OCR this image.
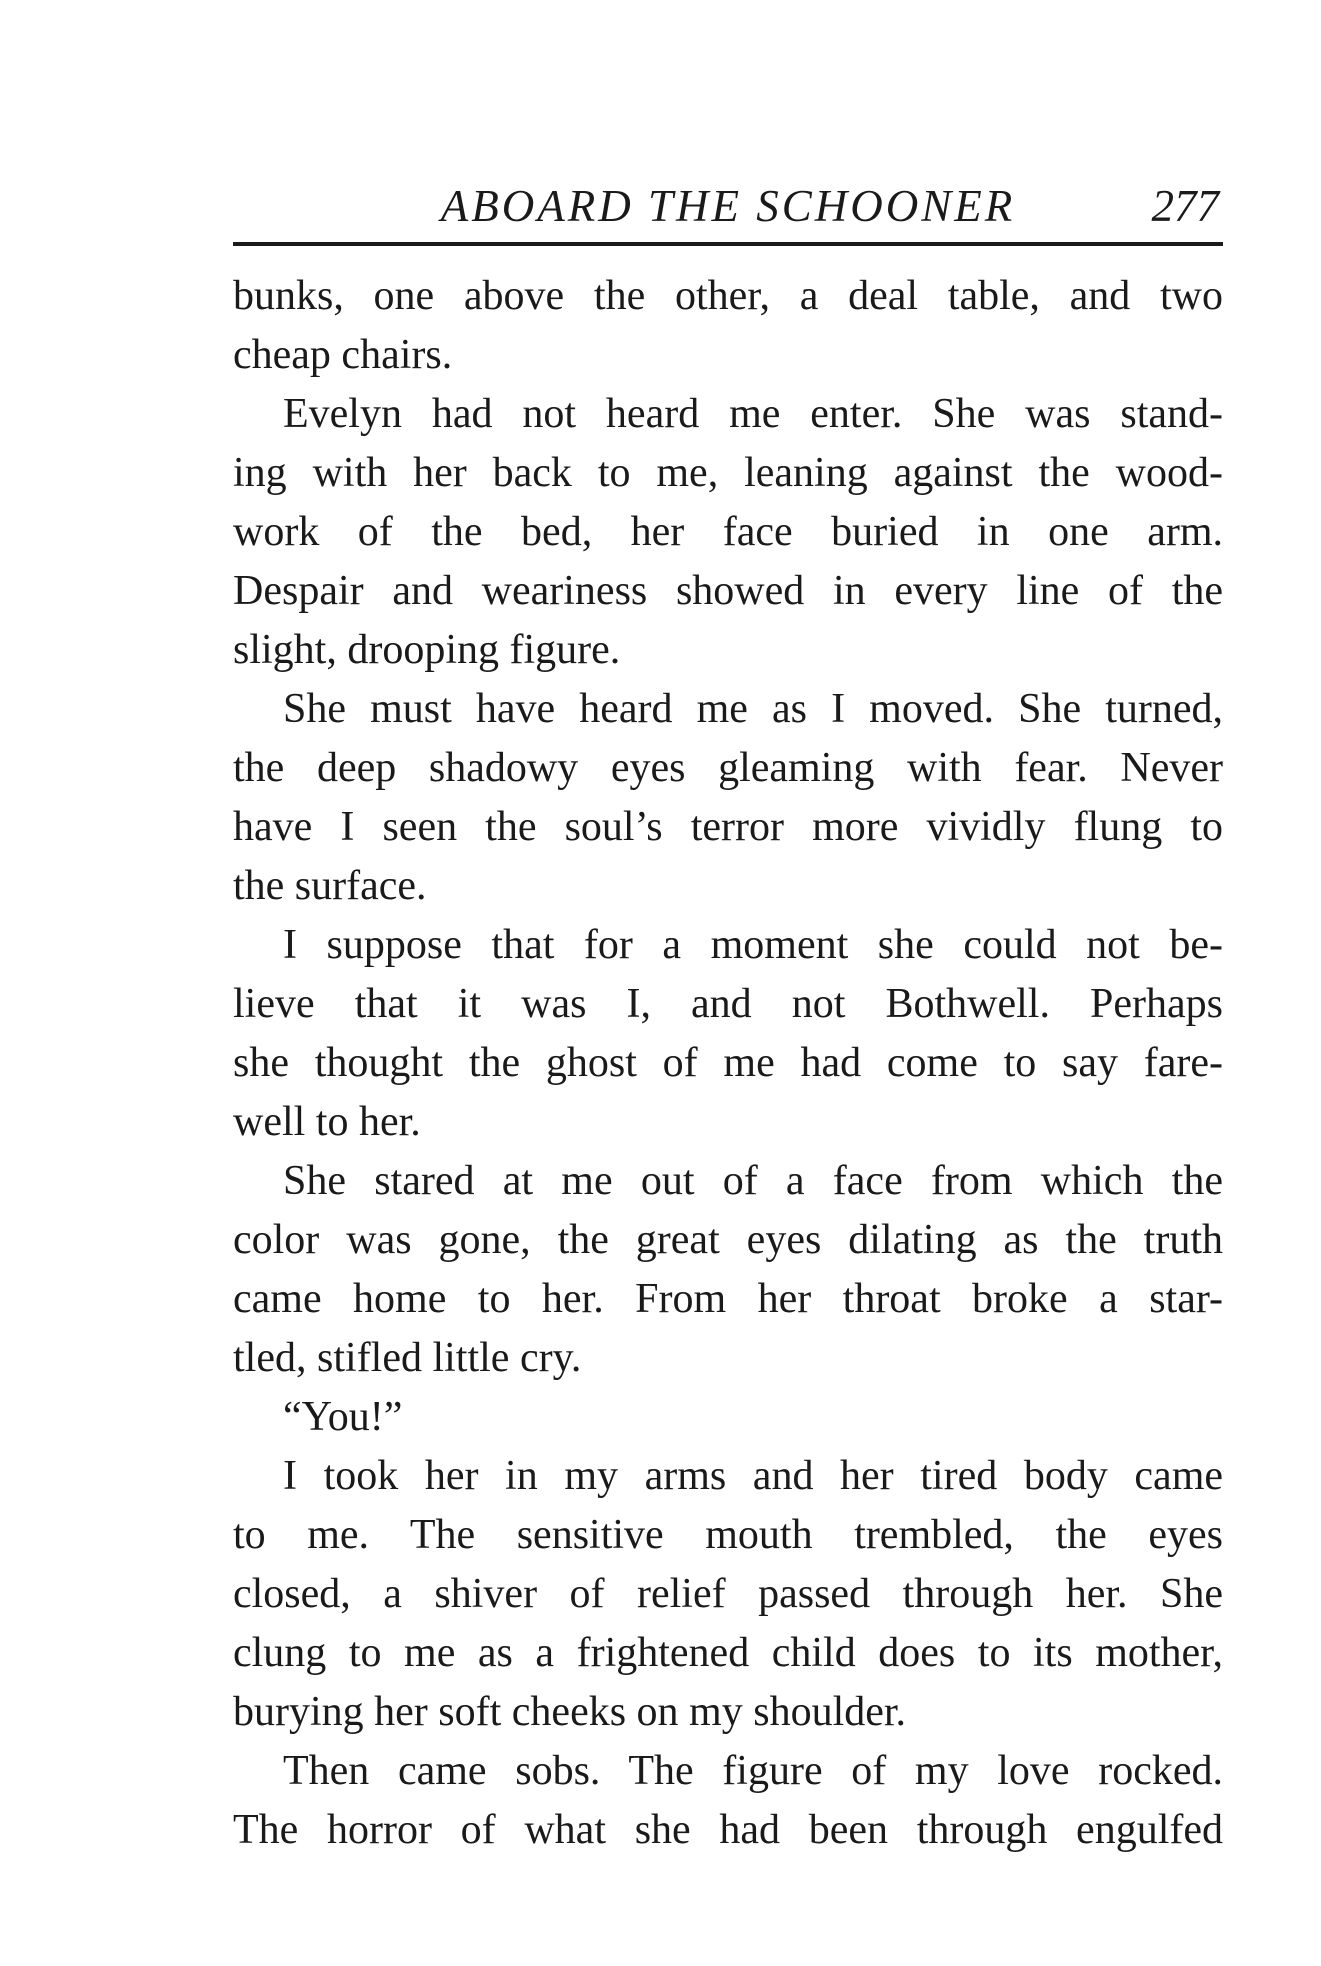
ABOARD THE SCHOONER	277

bunks, one above the other, a deal table, and two
cheap chairs.

Evelyn had not heard me enter. She was stand-
ing with her back to me, leaning against the wood-
work of the bed, her face buried in one arm.
Despair and weariness showed in every line of the
slight, drooping figure.

She must have heard me as I moved. She turned,
the deep shadowy eyes gleaming with fear. Never
have I seen the soul’s terror more vividly flung to
the surface.

I suppose that for a moment she could not be-
lieve that it was I, and not Bothwell. Perhaps
she thought the ghost of me had come to say fare-
well to her.

She stared at me out of a face from which the
color was gone, the great eyes dilating as the truth
came home to her. From her throat broke a star-
tled, stifled little cry.

“You!”

I took her in my arms and her tired body came
to me. The sensitive mouth trembled, the eyes
closed, a shiver of relief passed through her. She
clung to me as a frightened child does to its mother,
burying her soft cheeks on my shoulder.

Then came sobs. The figure of my love rocked.
The horror of what she had been through engulfed
